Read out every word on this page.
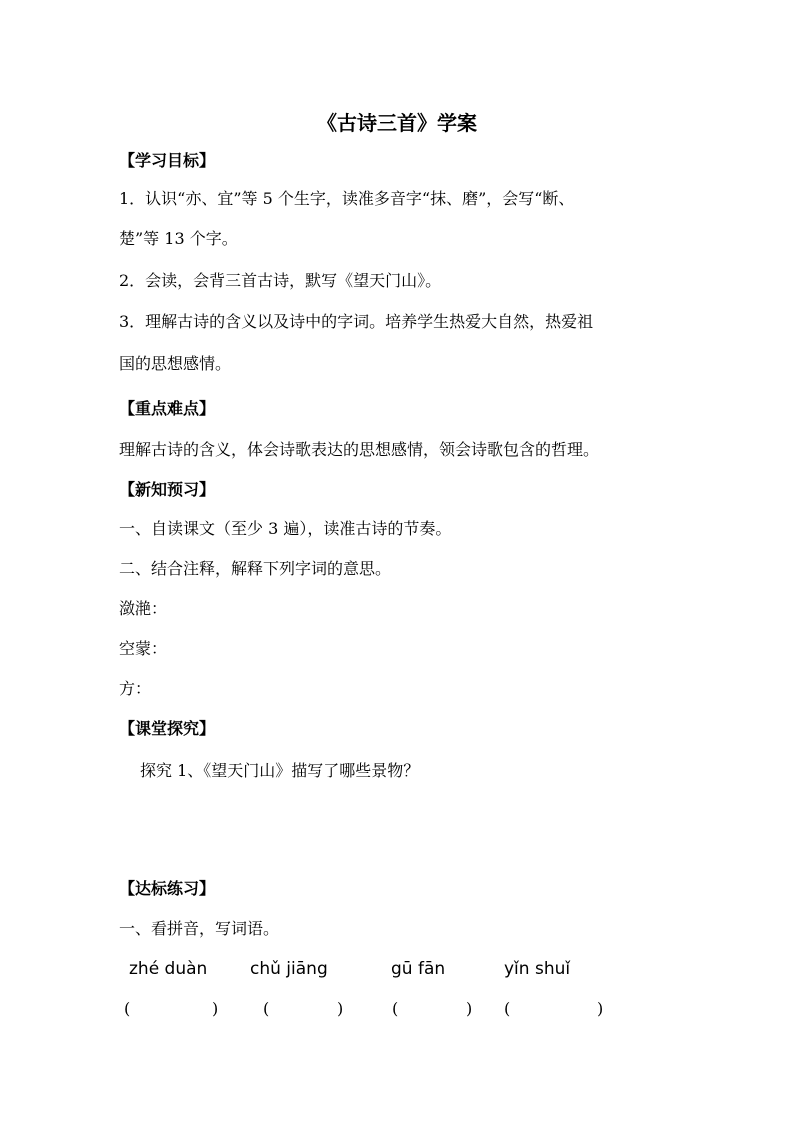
《古诗三首》学案
【学习目标】
1．认识“亦、宜”等 5 个生字，读准多音字“抹、磨”，会写“断、
楚”等 13 个字。
2．会读，会背三首古诗，默写《望天门山》。
3．理解古诗的含义以及诗中的字词。培养学生热爱大自然，热爱祖
国的思想感情。
【重点难点】
理解古诗的含义，体会诗歌表达的思想感情，领会诗歌包含的哲理。
【新知预习】
一、自读课文（至少 3 遍），读准古诗的节奏。
二、结合注释，解释下列字词的意思。
潋滟：
空蒙：
方：
【课堂探究】
探究 1、《望天门山》描写了哪些景物？
【达标练习】
一、看拼音，写词语。
zhé duàn	chǔ jiāng	gū fān	yǐn shuǐ
(	)	(	)	(	) (	)
